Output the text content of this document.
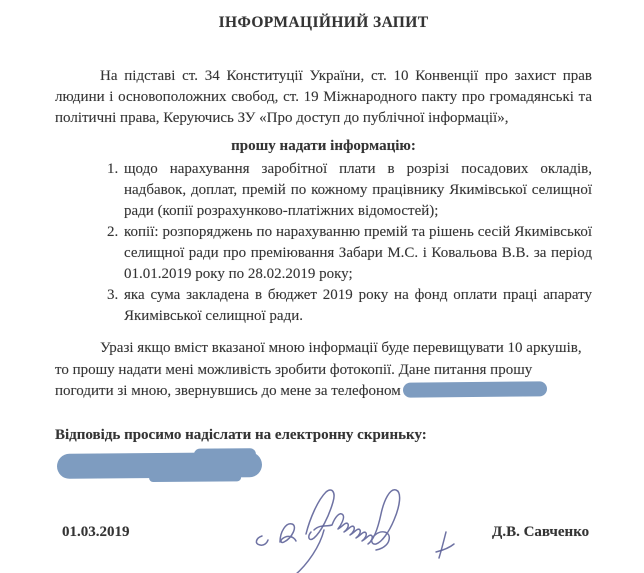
ІНФОРМАЦІЙНИЙ ЗАПИТ

На підставі ст. 34 Конституції України, ст. 10 Конвенції про захист прав людини і основоположних свобод, ст. 19 Міжнародного пакту про громадянські та політичні права, Керуючись ЗУ «Про доступ до публічної інформації»,

прошу надати інформацію:

1. щодо нарахування заробітної плати в розрізі посадових окладів, надбавок, доплат, премій по кожному працівнику Якимівської селищної ради (копії розрахунково-платіжних відомостей);
2. копії: розпоряджень по нарахуванню премій та рішень сесій Якимівської селищної ради про преміювання Забари М.С. і Ковальова В.В. за період 01.01.2019 року по 28.02.2019 року;
3. яка сума закладена в бюджет 2019 року на фонд оплати праці апарату Якимівської селищної ради.

Уразі якщо вміст вказаної мною інформації буде перевищувати 10 аркушів, то прошу надати мені можливість зробити фотокопії. Дане питання прошу погодити зі мною, звернувшись до мене за телефоном

Відповідь просимо надіслати на електронну скриньку:

01.03.2019	Д.В. Савченко
